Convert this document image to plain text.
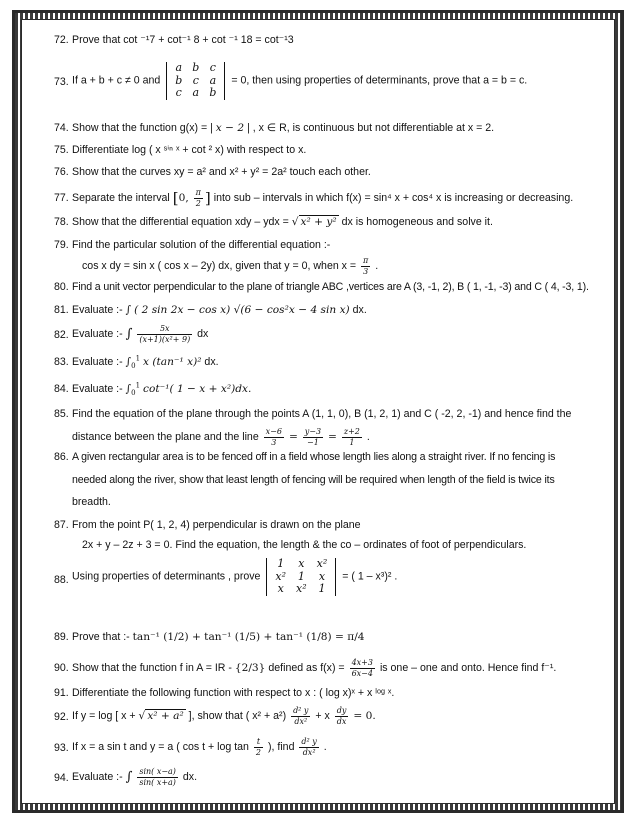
72. Prove that cot ⁻¹7 + cot⁻¹ 8 + cot ⁻¹ 18 = cot⁻¹3
73. If a + b + c ≠ 0 and
a	b	c
b	c	a
c	a	b
= 0, then using properties of determinants, prove that a = b = c.
74. Show that the function g(x) = | x − 2 | , x ∈ R, is continuous but not differentiable at x = 2.
75. Differentiate log ( x ˢⁱⁿ ˣ + cot ² x) with respect to x.
76. Show that the curves xy = a² and x² + y² = 2a² touch each other.
77. Separate the interval [0, $\frac{\pi}{2}$ ] into sub – intervals in which f(x) = sin⁴ x + cos⁴ x is increasing or decreasing.
78. Show that the differential equation xdy – ydx = √ x² + y² dx is homogeneous and solve it.
79. Find the particular solution of the differential equation :-
cos x dy = sin x ( cos x – 2y) dx, given that y = 0, when $x = \frac{\pi}{3}$ .
80. Find a unit vector perpendicular to the plane of triangle ABC ,vertices are A (3, -1, 2), B ( 1, -1, -3) and C ( 4, -3, 1).
81. Evaluate :- ∫ ( 2 sin 2x − cos x) √(6 − cos²x − 4 sin x) dx.
82. Evaluate :- ∫ $\frac{5x}{\text{(x+1)(x²+ 9)}}$ dx
83. Evaluate :- $\int_0^1$ x (tan⁻¹ x)² dx.
84. Evaluate :- $\int_0^1$ cot⁻¹( 1 − x + x²)dx.
85. Find the equation of the plane through the points A (1, 1, 0), B (1, 2, 1) and C ( -2, 2, -1) and hence find the
distance between the plane and the line $\frac{x-6}{3} = \frac{y-3}{-1} = \frac{z+2}{1}$ .
86. A given rectangular area is to be fenced off in a field whose length lies along a straight river. If no fencing is
needed along the river, show that least length of fencing will be required when length of the field is twice its
breadth.
87. From the point P( 1, 2, 4) perpendicular is drawn on the plane
2x + y – 2z + 3 = 0. Find the equation, the length & the co – ordinates of foot of perpendiculars.
88. Using properties of determinants , prove
1	x	x²
x²	1	x
x	x²	1
= ( 1 – x³)² .
89. Prove that :- tan⁻¹ (1/2) + tan⁻¹ (1/5) + tan⁻¹ (1/8) = π/4
90. Show that the function f in A = IR - {2/3} defined as $f(x) = \frac{4x+3}{6x-4}$ is one – one and onto. Hence find f⁻¹.
91. Differentiate the following function with respect to x : ( log x)ˣ + x ˡᵒᵍ ˣ.
92. If y = log [ x + √ x² + a² ], show that ( $x^2 + a^2) \frac{\text{d² y}}{\text{dx²}} + x \frac{dy}{dx} = 0$.
93. If x = a sin t and y = a ( $\cos t + \log \tan \frac{t}{2}$ ), find $\frac{\text{d² y}}{\text{dx²}}$ .
94. Evaluate :- ∫ $\frac{\sin( x-a)}{\sin( x+a)}$ dx.
